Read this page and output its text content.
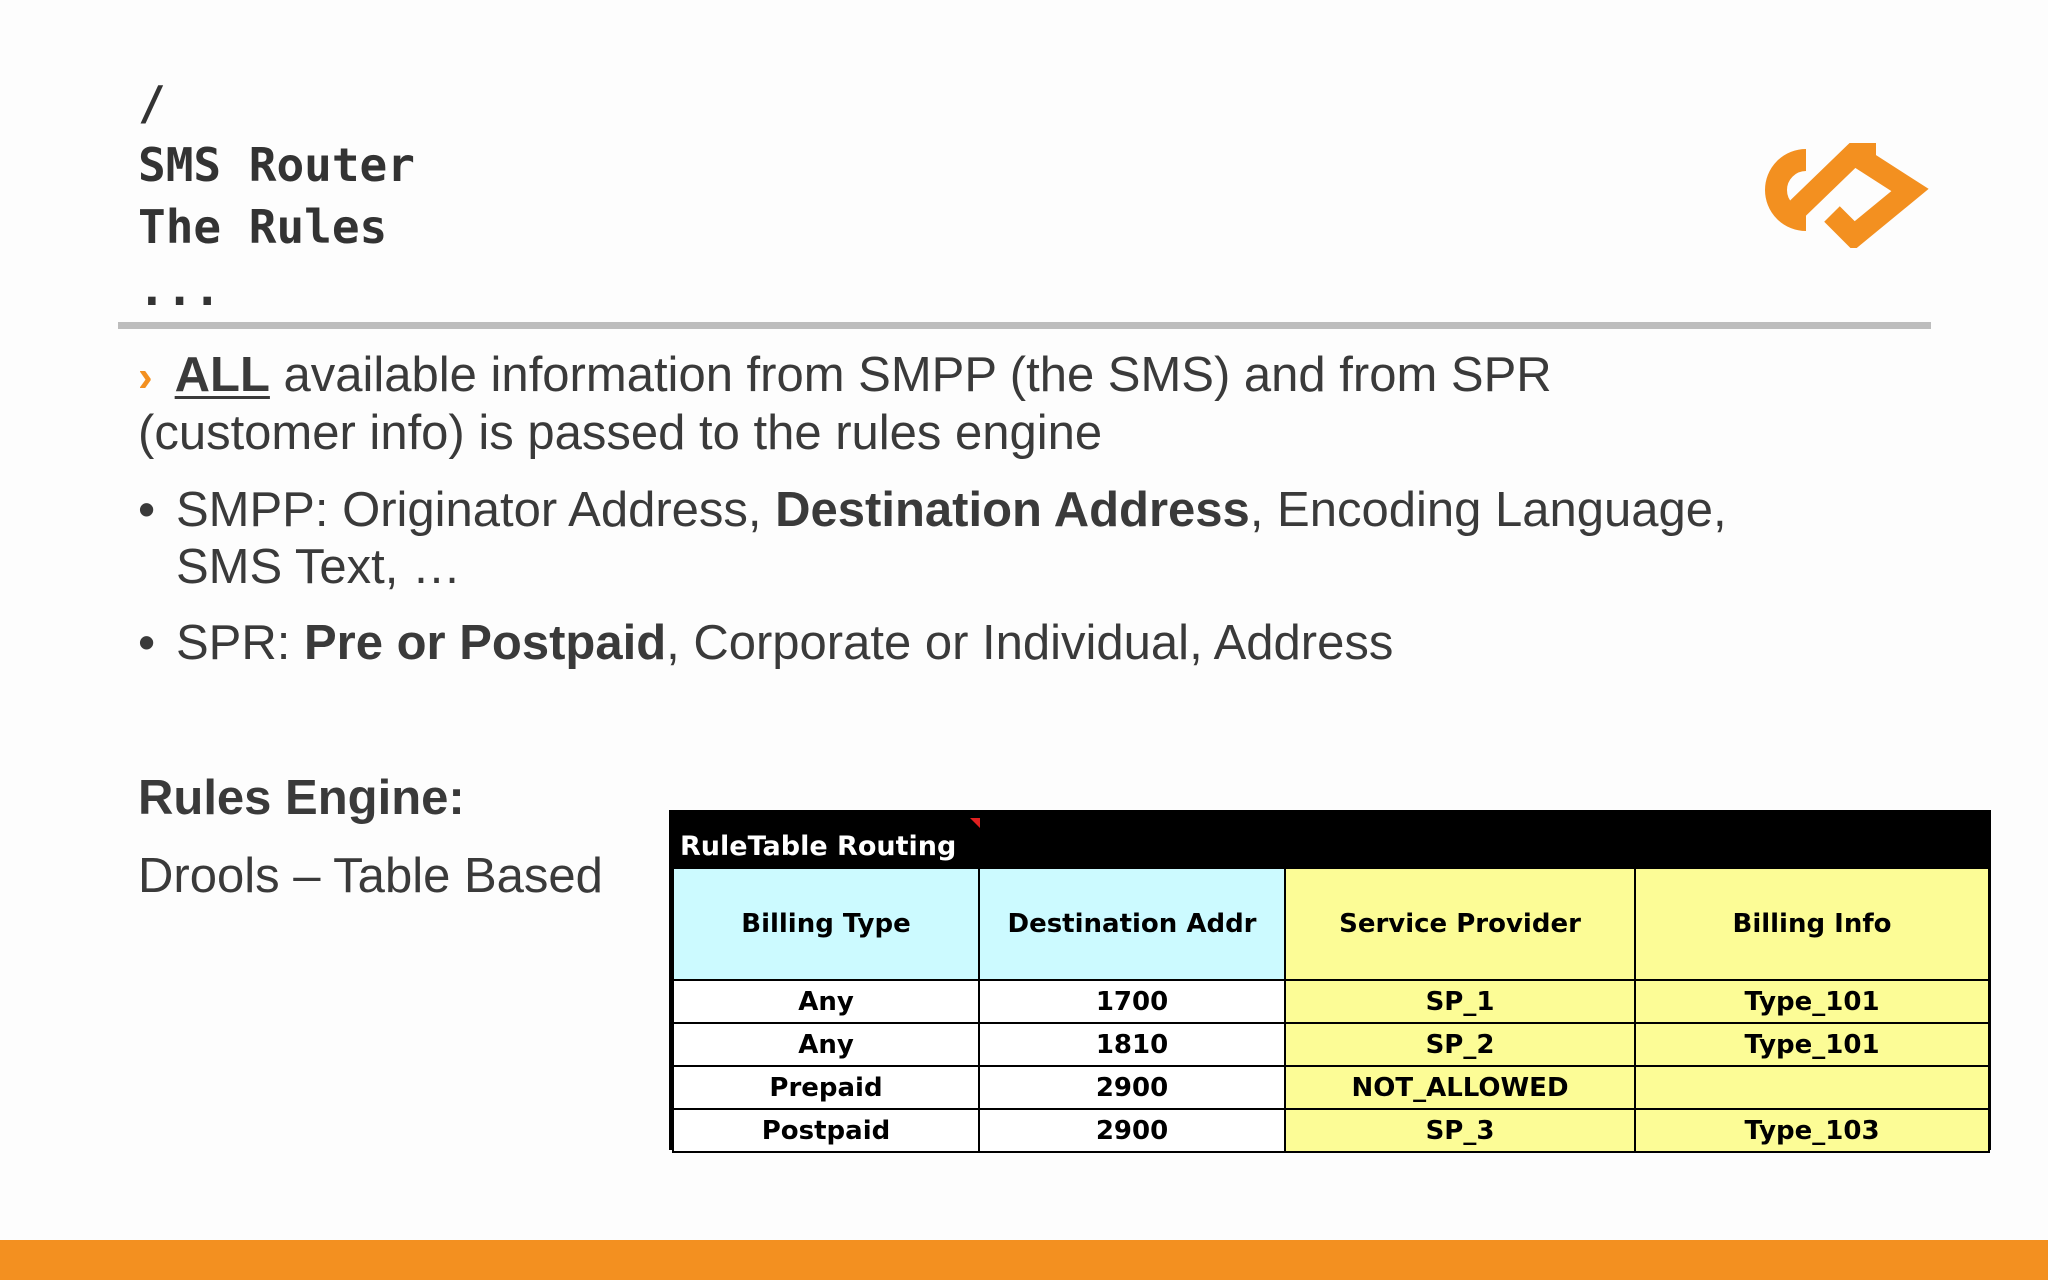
/
SMS Router
The Rules
...
› ALL available information from SMPP (the SMS) and from SPR (customer info) is passed to the rules engine
• SMPP: Originator Address, Destination Address, Encoding Language, SMS Text, …
• SPR: Pre or Postpaid, Corporate or Individual, Address
Rules Engine:
Drools – Table Based
RuleTable Routing
Billing Type	Destination Addr	Service Provider	Billing Info
Any	1700	SP_1	Type_101
Any	1810	SP_2	Type_101
Prepaid	2900	NOT_ALLOWED	
Postpaid	2900	SP_3	Type_103
